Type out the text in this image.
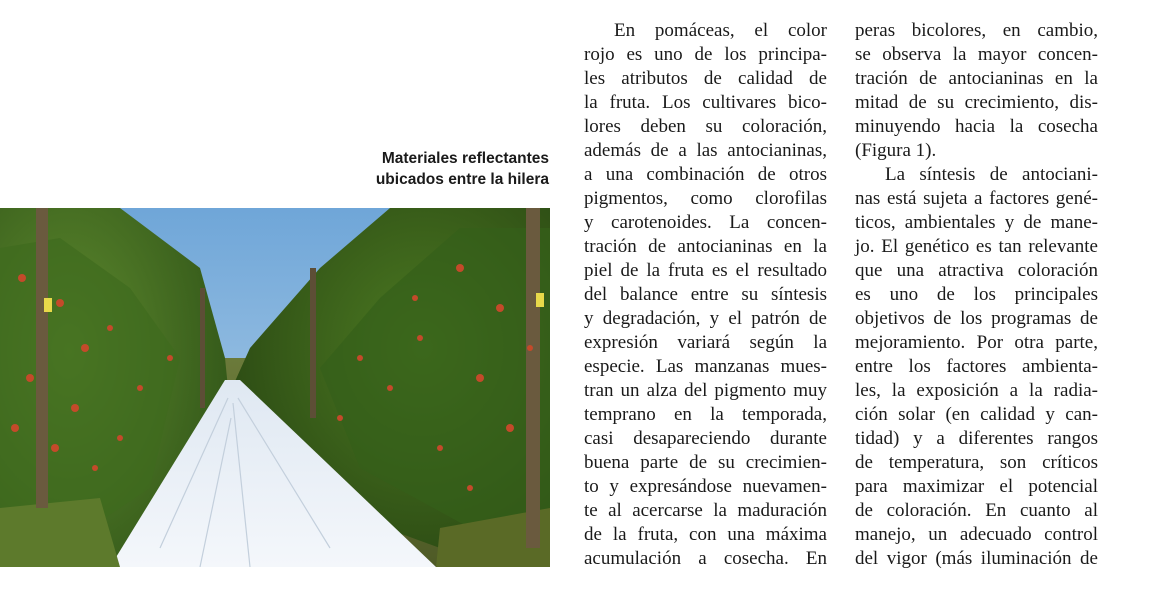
Materiales reflectantes
ubicados entre la hilera
En pomáceas, el color
rojo es uno de los principa-
les atributos de calidad de
la fruta. Los cultivares bico-
lores deben su coloración,
además de a las antocianinas,
a una combinación de otros
pigmentos, como clorofilas
y carotenoides. La concen-
tración de antocianinas en la
piel de la fruta es el resultado
del balance entre su síntesis
y degradación, y el patrón de
expresión variará según la
especie. Las manzanas mues-
tran un alza del pigmento muy
temprano en la temporada,
casi desapareciendo durante
buena parte de su crecimien-
to y expresándose nuevamen-
te al acercarse la maduración
de la fruta, con una máxima
acumulación a cosecha. En
peras bicolores, en cambio,
se observa la mayor concen-
tración de antocianinas en la
mitad de su crecimiento, dis-
minuyendo hacia la cosecha
(Figura 1).
La síntesis de antociani-
nas está sujeta a factores gené-
ticos, ambientales y de mane-
jo. El genético es tan relevante
que una atractiva coloración
es uno de los principales
objetivos de los programas de
mejoramiento. Por otra parte,
entre los factores ambienta-
les, la exposición a la radia-
ción solar (en calidad y can-
tidad) y a diferentes rangos
de temperatura, son críticos
para maximizar el potencial
de coloración. En cuanto al
manejo, un adecuado control
del vigor (más iluminación de
